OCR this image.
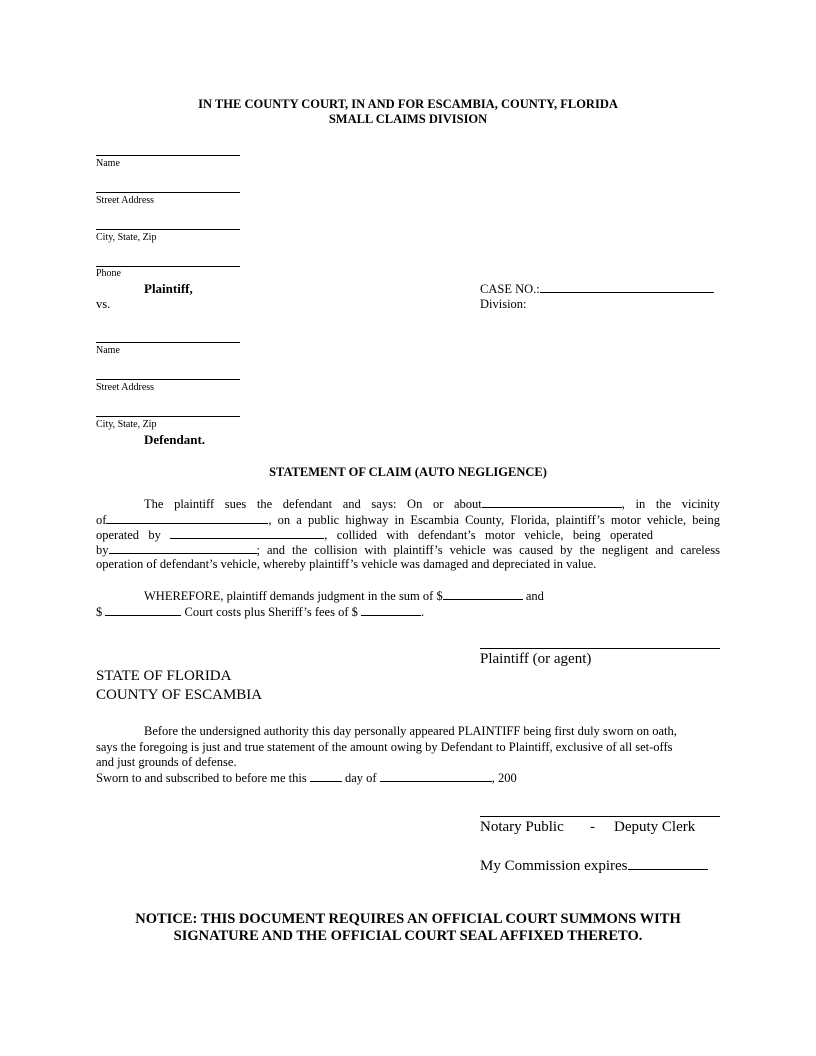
IN THE COUNTY COURT, IN AND FOR ESCAMBIA, COUNTY, FLORIDA
SMALL CLAIMS DIVISION
Name
Street Address
City, State, Zip
Phone
Plaintiff,
vs.
CASE NO.:
Division:
Name
Street Address
City, State, Zip
Defendant.
STATEMENT OF CLAIM (AUTO NEGLIGENCE)
The plaintiff sues the defendant and says: On or about	, in the vicinity
of	, on a public highway in Escambia County, Florida, plaintiff’s motor vehicle, being
operated   by	,   collided   with   defendant’s   motor   vehicle,   being   operated
by	; and the collision with plaintiff’s vehicle was caused by the negligent and careless
operation of defendant’s vehicle, whereby plaintiff’s vehicle was damaged and depreciated in value.
WHEREFORE, plaintiff demands judgment in the sum of $	and
$	Court costs plus Sheriff’s fees of $	.
Plaintiff (or agent)
STATE OF FLORIDA
COUNTY OF ESCAMBIA
Before the undersigned authority this day personally appeared PLAINTIFF being first duly sworn on oath,
says the foregoing is just and true statement of the amount owing by Defendant to Plaintiff, exclusive of all set-offs
and just grounds of defense.
Sworn to and subscribed to before me this	day of	, 200
Notary Public - Deputy Clerk
My Commission expires
NOTICE: THIS DOCUMENT REQUIRES AN OFFICIAL COURT SUMMONS WITH
SIGNATURE AND THE OFFICIAL COURT SEAL AFFIXED THERETO.
